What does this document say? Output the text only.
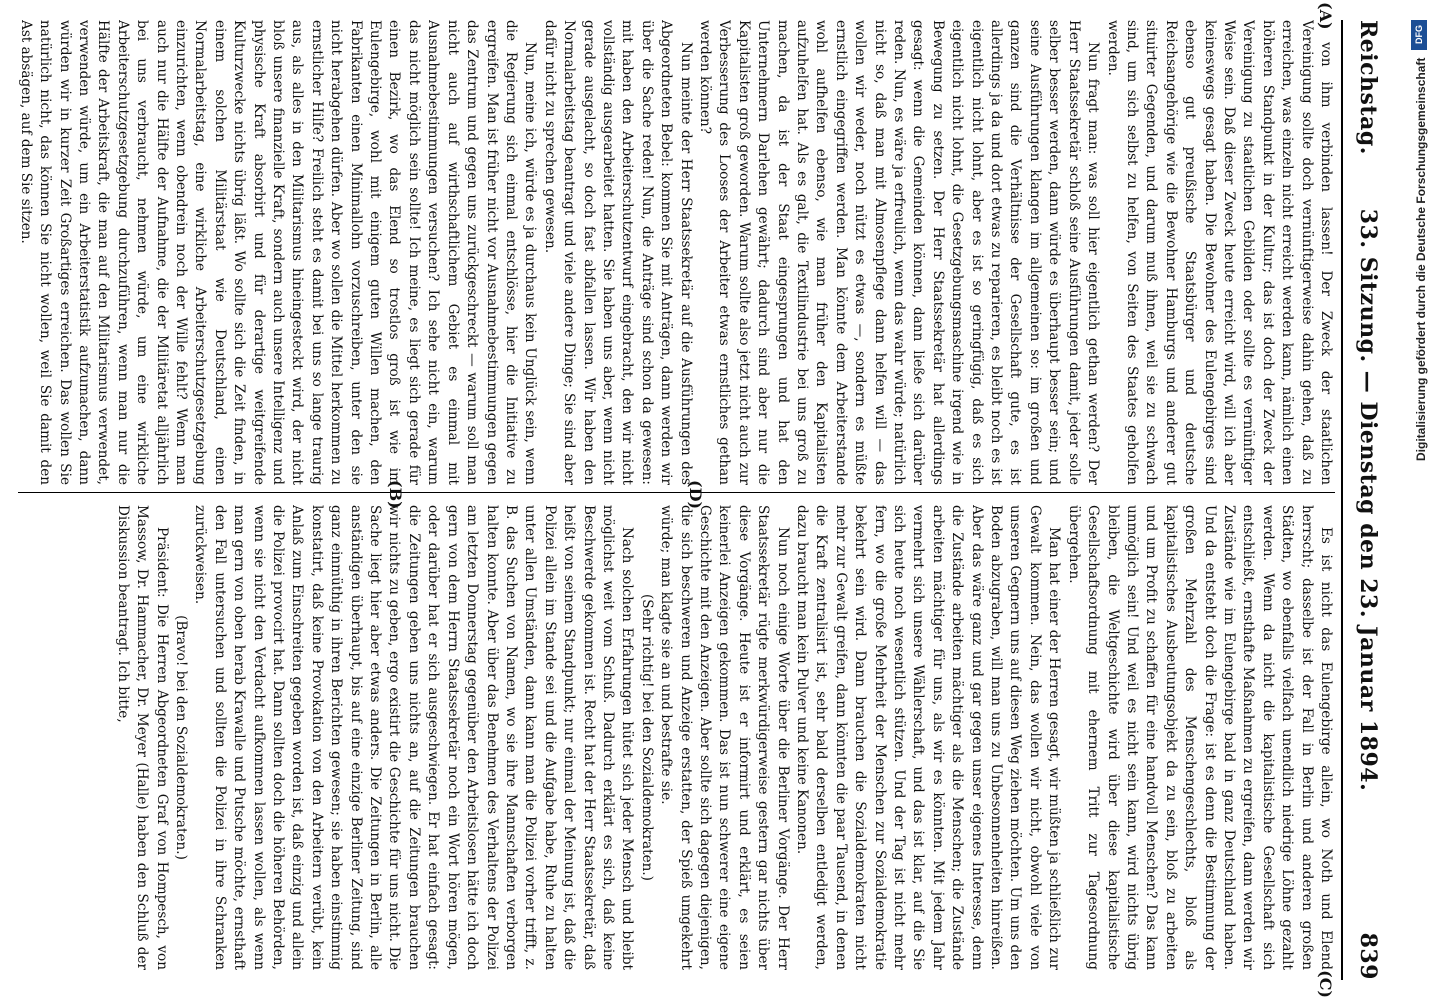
Reichstag.
33. Sitzung. — Dienstag den 23. Januar 1894.
839

von ihm verbinden lassen! Der Zweck der staatlichen Vereinigung sollte doch vernünftigerweise dahin gehen, daß zu erreichen, was einzeln nicht erreicht werden kann, nämlich einen höheren Standpunkt in der Kultur; das ist doch der Zweck der Vereinigung zu staatlichen Gebilden oder sollte es vernünftiger Weise sein. Daß dieser Zweck heute erreicht wird, will ich aber keineswegs gesagt haben. Die Bewohner des Eulengebirges sind ebenso gut preußische Staatsbürger und deutsche Reichsangehörige wie die Bewohner Hamburgs und anderer gut situirter Gegenden, und darum muß ihnen, weil sie zu schwach sind, um sich selbst zu helfen, von Seiten des Staates geholfen werden.

Nun fragt man: was soll hier eigentlich gethan werden? Der Herr Staatssekretär schloß seine Ausführungen damit, jeder solle selber besser werden, dann würde es überhaupt besser sein; und seine Ausführungen klangen im allgemeinen so: im großen und ganzen sind die Verhältnisse der Gesellschaft gute, es ist allerdings ja da und dort etwas zu reparieren, es bleibt noch es ist eigentlich nicht lohnt, aber es ist so geringfügig, daß es sich eigentlich nicht lohnt, die Gesetzgebungsmaschine irgend wie in Bewegung zu setzen. Der Herr Staatssekretär hat allerdings gesagt: wenn die Gemeinden können, dann ließe sich darüber reden. Nun, es wäre ja erfreulich, wenn das wahr würde; natürlich nicht so, daß man mit Almosenpflege dann helfen will — das wollen wir weder, noch nützt es etwas —, sondern es müßte ernstlich eingegriffen werden. Man könnte dem Arbeiterstande wohl aufhelfen ebenso, wie man früher den Kapitalisten aufzuhelfen hat. Als es galt, die Textilindustrie bei uns groß zu machen, da ist der Staat eingesprungen und hat den Unternehmern Darlehen gewährt; dadurch sind aber nur die Kapitalisten groß geworden. Warum sollte also jetzt nicht auch zur Verbesserung des Looses der Arbeiter etwas ernstliches gethan werden können?

Nun meinte der Herr Staatssekretär auf die Ausführungen des Abgeordneten Bebel: kommen Sie mit Anträgen, dann werden wir über die Sache reden! Nun, die Anträge sind schon da gewesen: mit haben den Arbeiterschutzentwurf eingebracht, den wir nicht vollständig ausgearbeitet hatten. Sie haben uns aber, wenn nicht gerade ausgelacht, so doch fast abfallen lassen. Wir haben den Normalarbeitstag beantragt und viele andere Dinge; Sie sind aber dafür nicht zu sprechen gewesen.

Nun, meine ich, würde es ja durchaus kein Unglück sein, wenn die Regierung sich einmal entschlösse, hier die Initiative zu ergreifen. Man ist früher nicht vor Ausnahmebestimmungen gegen das Zentrum und gegen uns zurückgeschreckt — warum soll man nicht auch auf wirthschaftlichem Gebiet es einmal mit Ausnahmebestimmungen versuchen? Ich sehe nicht ein, warum das nicht möglich sein sollte! Ich meine, es liegt sich gerade für einen Bezirk, wo das Elend so trostlos groß ist wie im Eulengebirge, wohl mit einigem guten Willen machen, den Fabrikanten einen Minimallohn vorzuschreiben, unter den sie nicht herabgehen dürfen. Aber wo sollen die Mittel herkommen zu ernstlicher Hilfe? Freilich steht es damit bei uns so lange traurig aus, als alles in den Militarismus hineingesteckt wird, der nicht bloß unsere finanzielle Kraft, sondern auch unsere Intelligenz und physische Kraft absorbirt und für derartige weitgreifende Kulturzwecke nichts übrig läßt. Wo sollte sich die Zeit finden, in einem solchen Militärstaat wie Deutschland, einen Normalarbeitstag, eine wirkliche Arbeiterschutzgesetzgebung einzurichten, wenn obendrein noch der Wille fehlt? Wenn man auch nur die Hälfte der Aufnahme, die der Militäretat alljährlich bei uns verbraucht, nehmen würde, um eine wirkliche Arbeiterschutzgesetzgebung durchzuführen, wenn man nur die Hälfte der Arbeitskraft, die man auf den Militarismus verwendet, verwenden würde, um ein Arbeiterstatistik aufzumachen, dann würden wir in kurzer Zeit Großartiges erreichen. Das wollen Sie natürlich nicht, das können Sie nicht wollen, weil Sie damit den Ast absägen, auf dem Sie sitzen.

Es ist nicht das Eulengebirge allein, wo Noth und Elend herrscht; dasselbe ist der Fall in Berlin und anderen großen Städten, wo ebenfalls vielfach unendlich niedrige Löhne gezahlt werden. Wenn da nicht die kapitalistische Gesellschaft sich entschließt, ernsthafte Maßnahmen zu ergreifen, dann werden wir Zustände wie im Eulengebirge bald in ganz Deutschland haben. Und da entsteht doch die Frage: ist es denn die Bestimmung der großen Mehrzahl des Menschengeschlechts, bloß als kapitalistisches Ausbeutungsobjekt da zu sein, bloß zu arbeiten und um Profit zu schaffen für eine handvoll Menschen? Das kann unmöglich sein! Und weil es nicht sein kann, wird nichts übrig bleiben, die Weltgeschichte wird über diese kapitalistische Gesellschaftsordnung mit ehernem Tritt zur Tagesordnung übergehen.

Man hat einer der Herren gesagt, wir müßten ja schließlich zur Gewalt kommen. Nein, das wollen wir nicht, obwohl viele von unseren Gegnern uns auf diesen Weg ziehen möchten. Um uns den Boden abzugraben, will man uns zu Unbesonnenheiten hinreißen. Aber das wäre ganz und gar gegen unser eigenes Interesse, denn die Zustände arbeiten mächtiger als die Menschen; die Zustände arbeiten mächtiger für uns, als wir es könnten. Mit jedem Jahr vermehrt sich unsere Wählerschaft, und das ist klar, auf die Sie sich heute noch wesentlich stützen. Und der Tag ist nicht mehr fern, wo die große Mehrheit der Menschen zur Sozialdemokratie bekehrt sein wird. Dann brauchen die Sozialdemokraten nicht mehr zur Gewalt greifen, dann könnten die paar Tausend, in denen die Kraft zentralisirt ist, sehr bald derselben entledigt werden, dazu braucht man kein Pulver und keine Kanonen.

Nun noch einige Worte über die Berliner Vorgänge. Der Herr Staatssekretär rügte merkwürdigerweise gestern gar nichts über diese Vorgänge. Heute ist er informirt und erklärt, es seien keinerlei Anzeigen gekommen. Das ist nun schwerer eine eigene Geschichte mit den Anzeigen. Aber sollte sich dagegen diejenigen, die sich beschweren und Anzeige erstatten, der Spieß umgekehrt würde; man klagte sie an und bestrafte sie.

(Sehr richtig! bei den Sozialdemokraten.)

Nach solchen Erfahrungen hütet sich jeder Mensch und bleibt möglichst weit vom Schuß. Dadurch erklärt es sich, daß keine Beschwerde gekommen ist. Recht hat der Herr Staatssekretär, daß heißt von seinem Standpunkt; nur einmal der Meinung ist, daß die Polizei allein im Stande sei und die Aufgabe habe, Ruhe zu halten unter allen Umständen, dann kann man die Polizei vorher trifft, z. B. das Suchen von Namen, wo sie ihre Mannschaften verborgen halten konnte. Aber über das Benehmen des Verhaltens der Polizei am letzten Donnerstag gegenüber den Arbeitslosen hätte ich doch gern von dem Herrn Staatssekretär noch ein Wort hören mögen, oder darüber hat er sich ausgeschwiegen. Er hat einfach gesagt: die Zeitungen geben uns nichts an, auf die Zeitungen brauchen wir nichts zu geben, ergo existirt die Geschichte für uns nicht. Die Sache liegt hier aber etwas anders. Die Zeitungen in Berlin, alle anständigen überhaupt, bis auf eine einzige Berliner Zeitung, sind ganz einmüthig in ihren Berichten gewesen; sie haben einstimmig konstatirt, daß keine Provokation von den Arbeitern verübt, kein Anlaß zum Einschreiten gegeben worden ist, daß einzig und allein die Polizei provocirt hat. Dann sollten doch die höheren Behörden, wenn sie nicht den Verdacht aufkommen lassen wollen, als wenn man gern von oben herab Krawalle und Putsche möchte, ernsthaft den Fall untersuchen und sollten die Polizei in ihre Schranken zurückweisen.

(Bravo! bei den Sozialdemokraten.)

Präsident: Die Herren Abgeordneten Graf von Hompesch, von Massow, Dr. Hammacher, Dr. Meyer (Halle) haben den Schluß der Diskussion beantragt. Ich bitte,

(A)
(B)
(C)
(D)
DFG
Digitalisierung gefördert durch die Deutsche Forschungsgemeinschaft
